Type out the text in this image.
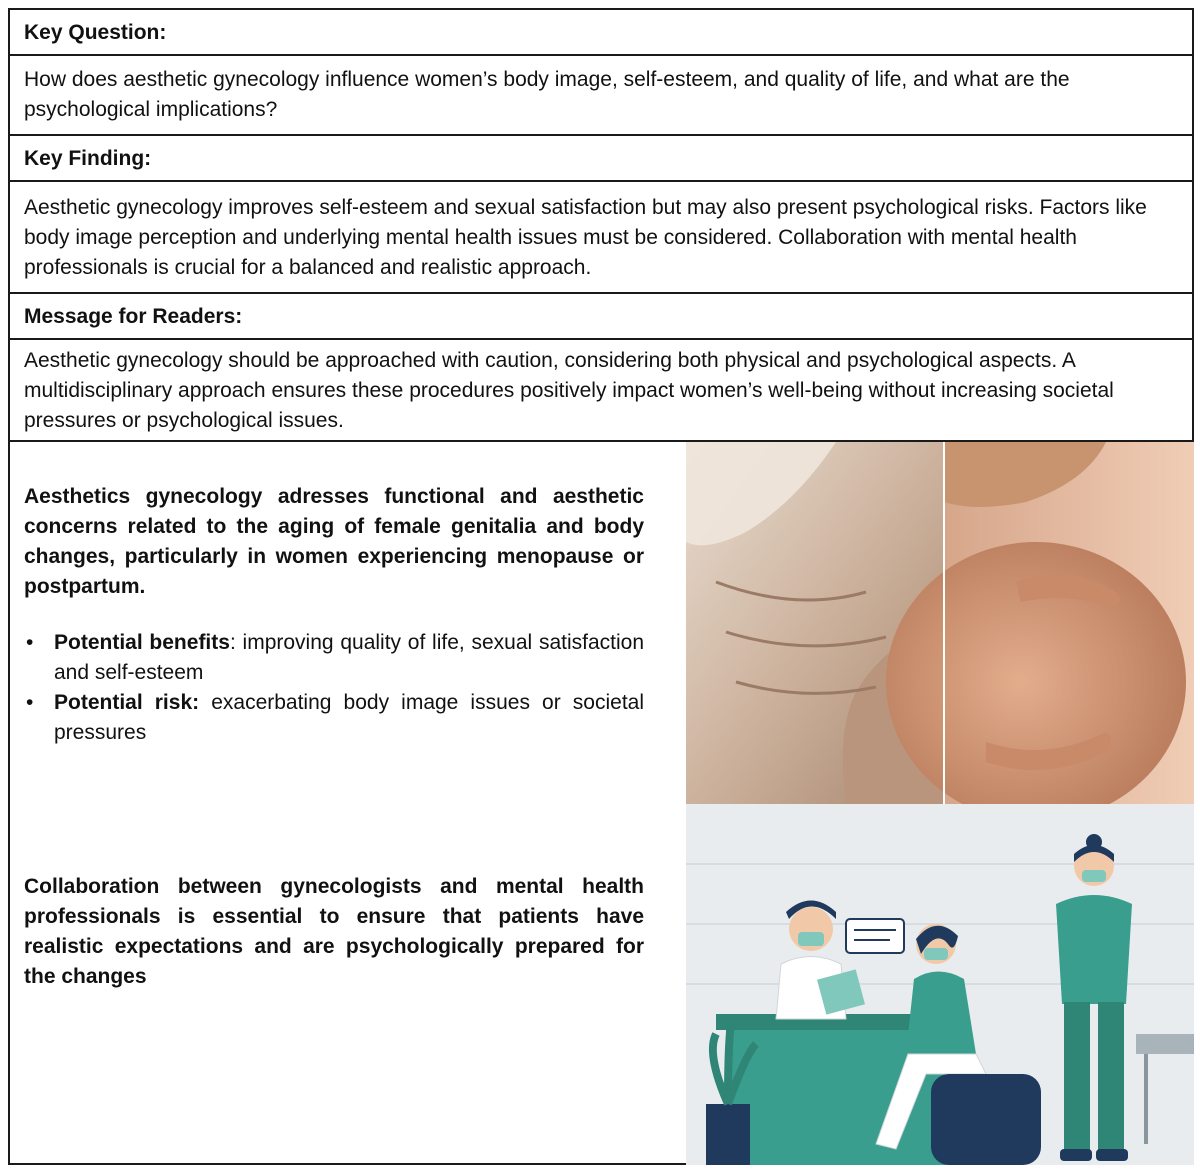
Key Question:
How does aesthetic gynecology influence women’s body image, self-esteem, and quality of life, and what are the psychological implications?
Key Finding:
Aesthetic gynecology improves self-esteem and sexual satisfaction but may also present psychological risks. Factors like body image perception and underlying mental health issues must be considered. Collaboration with mental health professionals is crucial for a balanced and realistic approach.
Message for Readers:
Aesthetic gynecology should be approached with caution, considering both physical and psychological aspects. A multidisciplinary approach ensures these procedures positively impact women’s well-being without increasing societal pressures or psychological issues.

Aesthetics gynecology adresses functional and aesthetic concerns related to the aging of female genitalia and body changes, particularly in women experiencing menopause or postpartum.

• Potential benefits: improving quality of life, sexual satisfaction and self-esteem
• Potential risk: exacerbating body image issues or societal pressures

Collaboration between gynecologists and mental health professionals is essential to ensure that patients have realistic expectations and are psychologically prepared for the changes
